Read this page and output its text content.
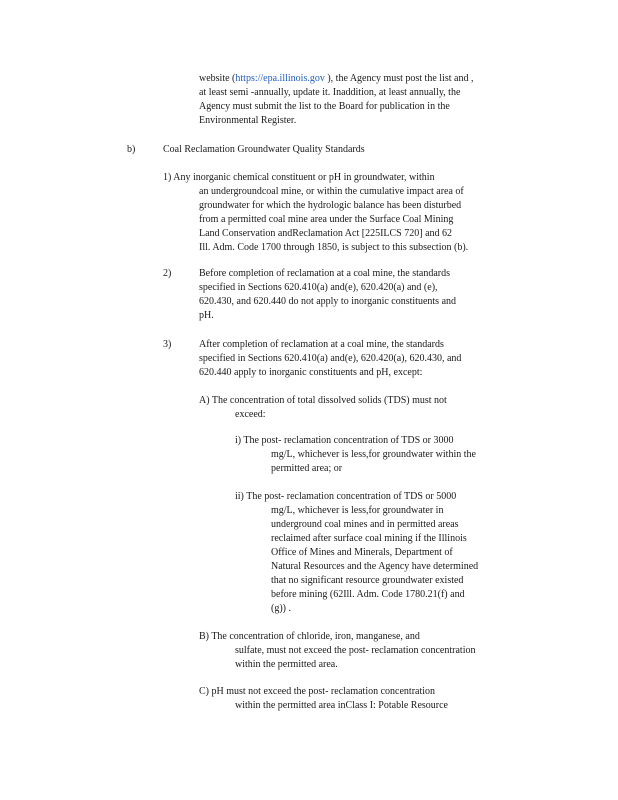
website (https://epa.illinois.gov ), the Agency must post the list and ,
at least semi -annually, update it. Inaddition, at least annually, the
Agency must submit the list to the Board for publication in the
Environmental Register.
b)	Coal Reclamation Groundwater Quality Standards
1) Any inorganic chemical constituent or pH in groundwater, within
an undergroundcoal mine, or within the cumulative impact area of
groundwater for which the hydrologic balance has been disturbed
from a permitted coal mine area under the Surface Coal Mining
Land Conservation andReclamation Act [225ILCS 720] and 62
Ill. Adm. Code 1700 through 1850, is subject to this subsection (b).
2)	Before completion of reclamation at a coal mine, the standards
specified in Sections 620.410(a) and(e), 620.420(a) and (e),
620.430, and 620.440 do not apply to inorganic constituents and
pH.
3)	After completion of reclamation at a coal mine, the standards
specified in Sections 620.410(a) and(e), 620.420(a), 620.430, and
620.440 apply to inorganic constituents and pH, except:
A) The concentration of total dissolved solids (TDS) must not
exceed:
i) The post- reclamation concentration of TDS or 3000
mg/L, whichever is less,for groundwater within the
permitted area; or
ii) The post- reclamation concentration of TDS or 5000
mg/L, whichever is less,for groundwater in
underground coal mines and in permitted areas
reclaimed after surface coal mining if the Illinois
Office of Mines and Minerals, Department of
Natural Resources and the Agency have determined
that no significant resource groundwater existed
before mining (62Ill. Adm. Code 1780.21(f) and
(g)) .
B) The concentration of chloride, iron, manganese, and
sulfate, must not exceed the post- reclamation concentration
within the permitted area.
C) pH must not exceed the post- reclamation concentration
within the permitted area inClass I: Potable Resource
